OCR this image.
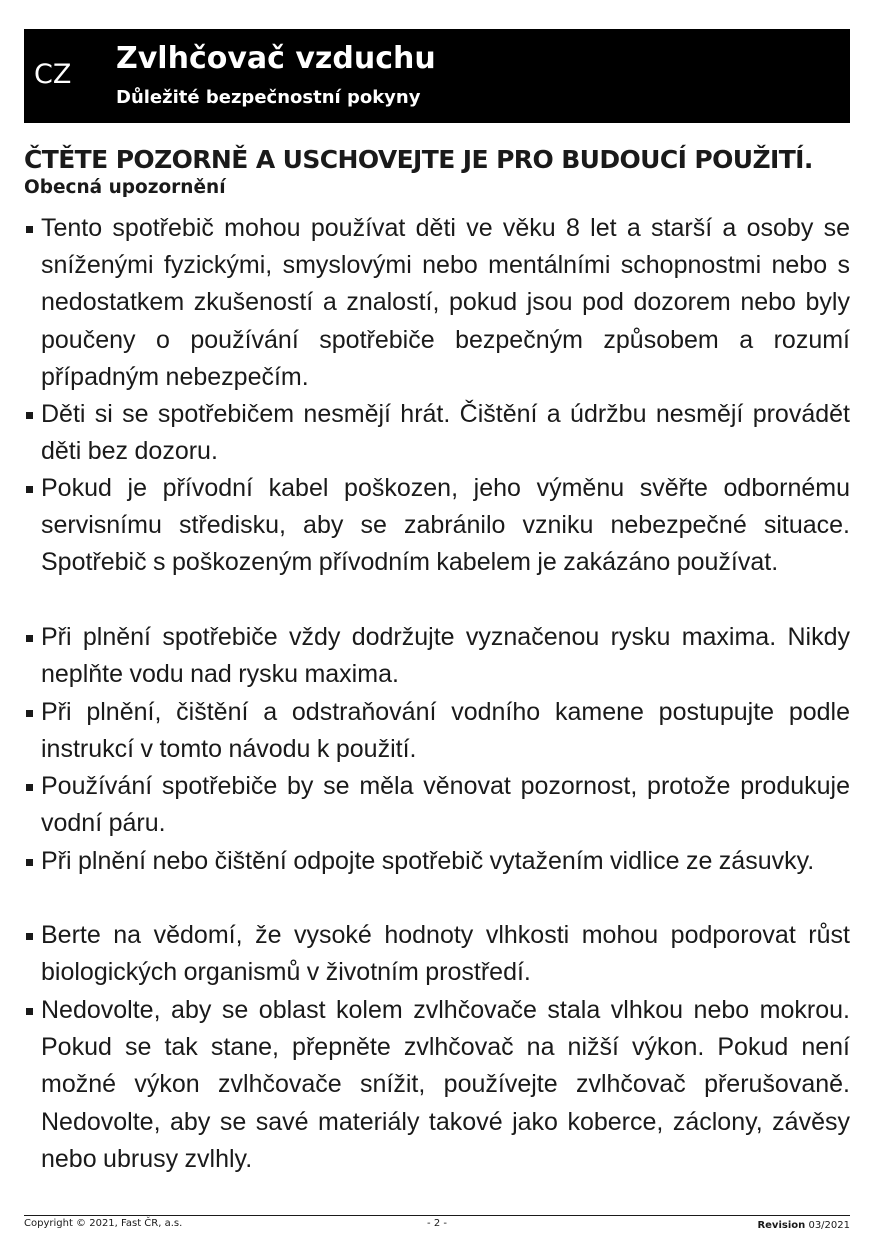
CZ Zvlhčovač vzduchu
Důležité bezpečnostní pokyny
ČTĚTE POZORNĚ A USCHOVEJTE JE PRO BUDOUCÍ POUŽITÍ.
Obecná upozornění
Tento spotřebič mohou používat děti ve věku 8 let a starší a osoby se sníženými fyzickými, smyslovými nebo mentálními schopnostmi nebo s nedostatkem zkušeností a znalostí, pokud jsou pod dozorem nebo byly poučeny o používání spotřebiče bezpečným způsobem a rozumí případným nebezpečím.
Děti si se spotřebičem nesmějí hrát. Čištění a údržbu nesmějí provádět děti bez dozoru.
Pokud je přívodní kabel poškozen, jeho výměnu svěřte odbornému servisnímu středisku, aby se zabránilo vzniku nebezpečné situace. Spotřebič s poškozeným přívodním kabelem je zakázáno používat.
Při plnění spotřebiče vždy dodržujte vyznačenou rysku maxima. Nikdy neplňte vodu nad rysku maxima.
Při plnění, čištění a odstraňování vodního kamene postupujte podle instrukcí v tomto návodu k použití.
Používání spotřebiče by se měla věnovat pozornost, protože produkuje vodní páru.
Při plnění nebo čištění odpojte spotřebič vytažením vidlice ze zásuvky.
Berte na vědomí, že vysoké hodnoty vlhkosti mohou podporovat růst biologických organismů v životním prostředí.
Nedovolte, aby se oblast kolem zvlhčovače stala vlhkou nebo mokrou. Pokud se tak stane, přepněte zvlhčovač na nižší výkon. Pokud není možné výkon zvlhčovače snížit, používejte zvlhčovač přerušovaně. Nedovolte, aby se savé materiály takové jako koberce, záclony, závěsy nebo ubrusy zvlhly.
Copyright © 2021, Fast ČR, a.s.	- 2 -	Revision 03/2021
